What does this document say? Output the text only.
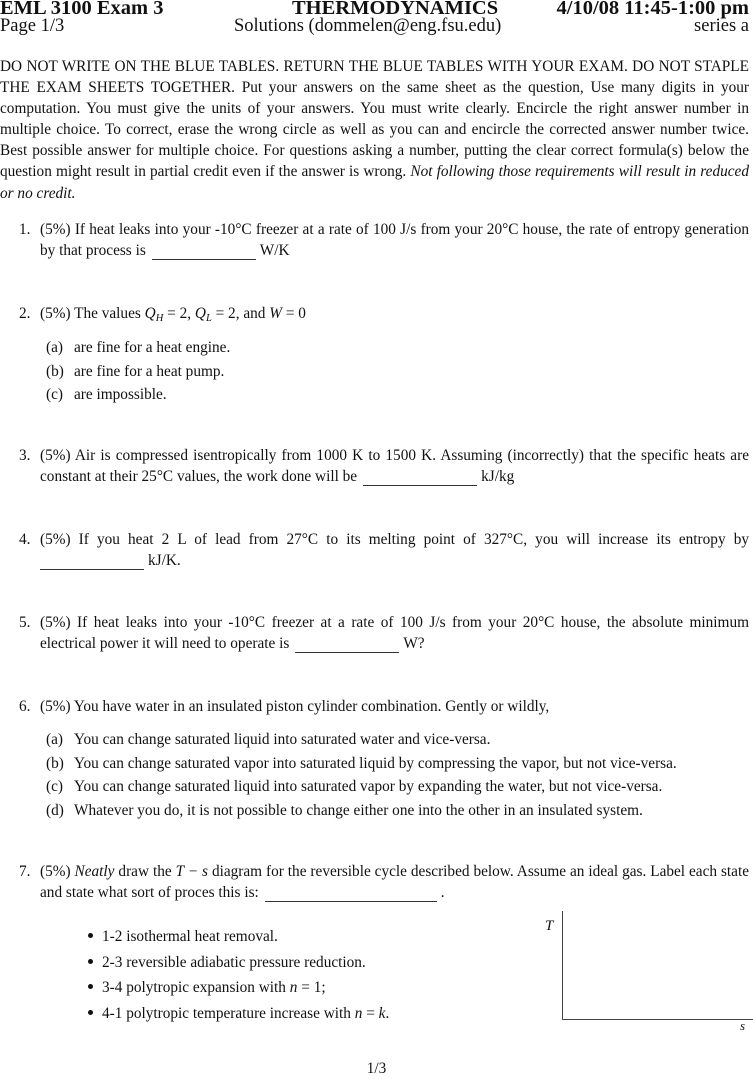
EML 3100 Exam 3	THERMODYNAMICS	4/10/08 11:45-1:00 pm
Page 1/3	Solutions (dommelen@eng.fsu.edu)	series a
DO NOT WRITE ON THE BLUE TABLES. RETURN THE BLUE TABLES WITH YOUR EXAM. DO NOT STAPLE THE EXAM SHEETS TOGETHER. Put your answers on the same sheet as the question, Use many digits in your computation. You must give the units of your answers. You must write clearly. Encircle the right answer number in multiple choice. To correct, erase the wrong circle as well as you can and encircle the corrected answer number twice. Best possible answer for multiple choice. For questions asking a number, putting the clear correct formula(s) below the question might result in partial credit even if the answer is wrong. Not following those requirements will result in reduced or no credit.
1. (5%) If heat leaks into your -10°C freezer at a rate of 100 J/s from your 20°C house, the rate of entropy generation by that process is	W/K
2. (5%) The values $Q_H = 2$, $Q_L = 2$, and W = 0
(a) are fine for a heat engine.
(b) are fine for a heat pump.
(c) are impossible.
3. (5%) Air is compressed isentropically from 1000 K to 1500 K. Assuming (incorrectly) that the specific heats are constant at their 25°C values, the work done will be	kJ/kg
4. (5%) If you heat 2 L of lead from 27°C to its melting point of 327°C, you will increase its entropy by kJ/K.
5. (5%) If heat leaks into your -10°C freezer at a rate of 100 J/s from your 20°C house, the absolute minimum electrical power it will need to operate is	W?
6. (5%) You have water in an insulated piston cylinder combination. Gently or wildly,
(a) You can change saturated liquid into saturated water and vice-versa.
(b) You can change saturated vapor into saturated liquid by compressing the vapor, but not vice-versa.
(c) You can change saturated liquid into saturated vapor by expanding the water, but not vice-versa.
(d) Whatever you do, it is not possible to change either one into the other in an insulated system.
7. (5%) Neatly draw the T − s diagram for the reversible cycle described below. Assume an ideal gas. Label each state and state what sort of proces this is:	.
1-2 isothermal heat removal.
2-3 reversible adiabatic pressure reduction.
3-4 polytropic expansion with n = 1;
4-1 polytropic temperature increase with n = k.
T
s
1/3
